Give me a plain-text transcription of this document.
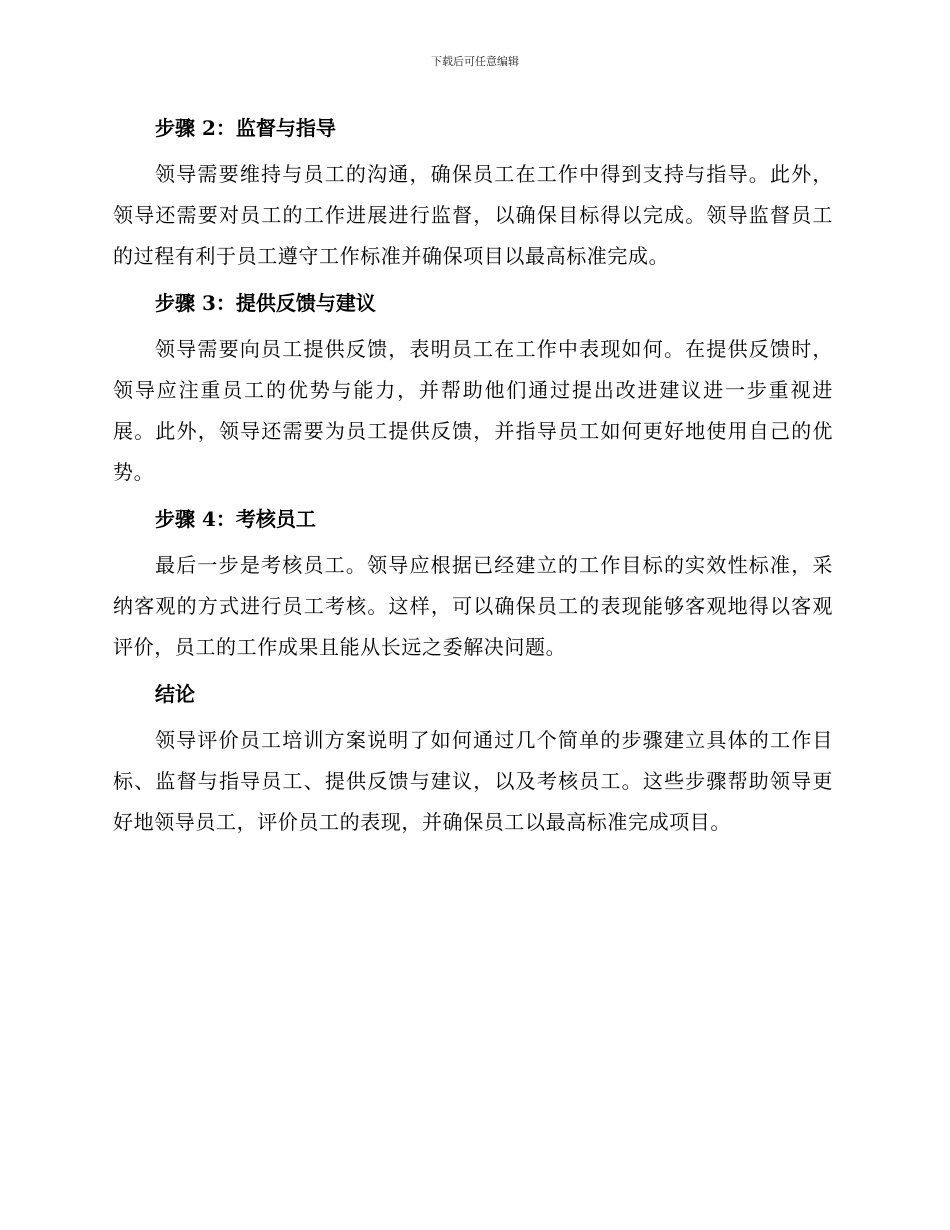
下载后可任意编辑
步骤 2：监督与指导

领导需要维持与员工的沟通，确保员工在工作中得到支持与指导。此外，领导还需要对员工的工作进展进行监督，以确保目标得以完成。领导监督员工的过程有利于员工遵守工作标准并确保项目以最高标准完成。

步骤 3：提供反馈与建议

领导需要向员工提供反馈，表明员工在工作中表现如何。在提供反馈时，领导应注重员工的优势与能力，并帮助他们通过提出改进建议进一步重视进展。此外，领导还需要为员工提供反馈，并指导员工如何更好地使用自己的优势。

步骤 4：考核员工

最后一步是考核员工。领导应根据已经建立的工作目标的实效性标准，采纳客观的方式进行员工考核。这样，可以确保员工的表现能够客观地得以客观评价，员工的工作成果且能从长远之委解决问题。

结论

领导评价员工培训方案说明了如何通过几个简单的步骤建立具体的工作目标、监督与指导员工、提供反馈与建议，以及考核员工。这些步骤帮助领导更好地领导员工，评价员工的表现，并确保员工以最高标准完成项目。
